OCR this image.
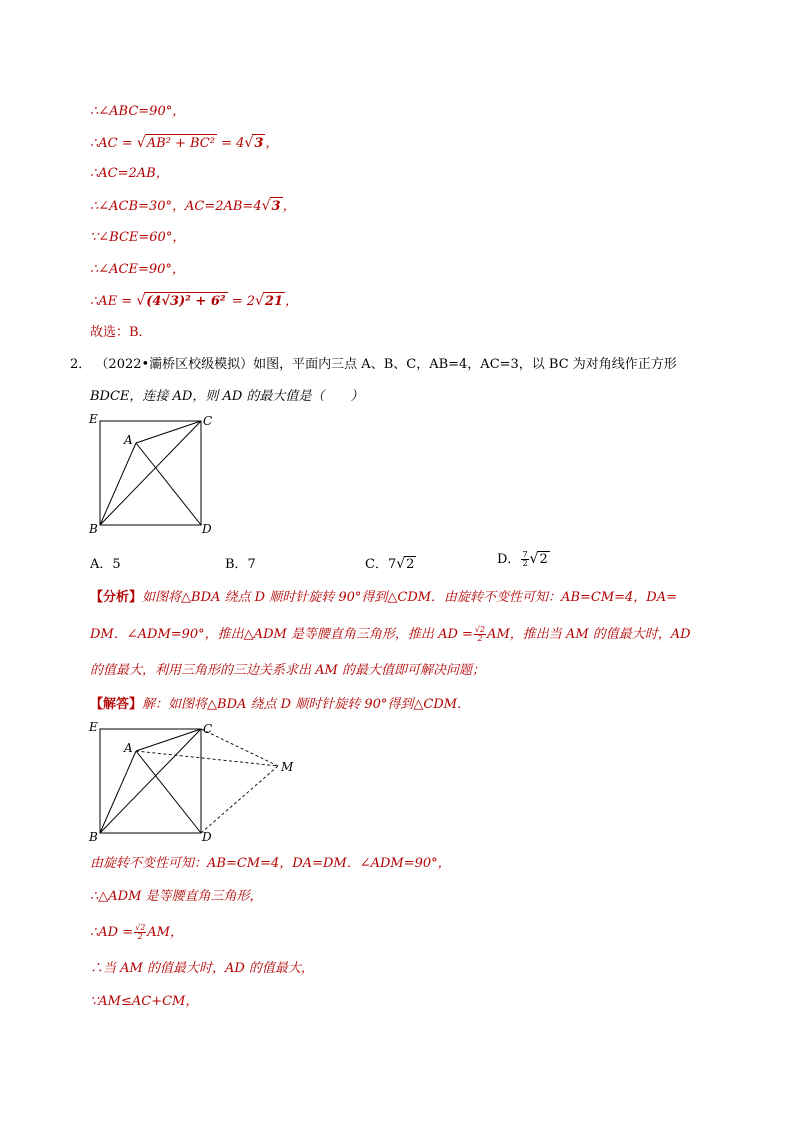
∴∠ABC=90°，
∴AC = √AB² + BC² = 4√3 ，
∴AC=2AB，
∴∠ACB=30°，AC=2AB=4√3 ，
∵∠BCE=60°，
∴∠ACE=90°，
∴AE = √(4√3)² + 6² = 2√21 ，
故选：B．
2． （2022•灞桥区校级模拟）如图，平面内三点 A、B、C，AB=4，AC=3，以 BC 为对角线作正方形
BDCE，连接 AD，则 AD 的最大值是（　　）
E	C
A
B	D
A．5	B．7	C．7√2	D． $\frac{7}{2} √2$
【分析】如图将△BDA 绕点 D 顺时针旋转 90°得到△CDM．由旋转不变性可知：AB=CM=4，DA=
DM．∠ADM=90°，推出△ADM 是等腰直角三角形，推出 AD = $\frac{√2}{2}$ AM，推出当 AM 的值最大时，AD
的值最大，利用三角形的三边关系求出 AM 的最大值即可解决问题；
【解答】解：如图将△BDA 绕点 D 顺时针旋转 90°得到△CDM．
E	C
A
B	D
M
由旋转不变性可知：AB=CM=4，DA=DM．∠ADM=90°，
∴△ADM 是等腰直角三角形，
∴AD = $\frac{√2}{2}$ AM，
∴当 AM 的值最大时，AD 的值最大，
∵AM≤AC+CM，
